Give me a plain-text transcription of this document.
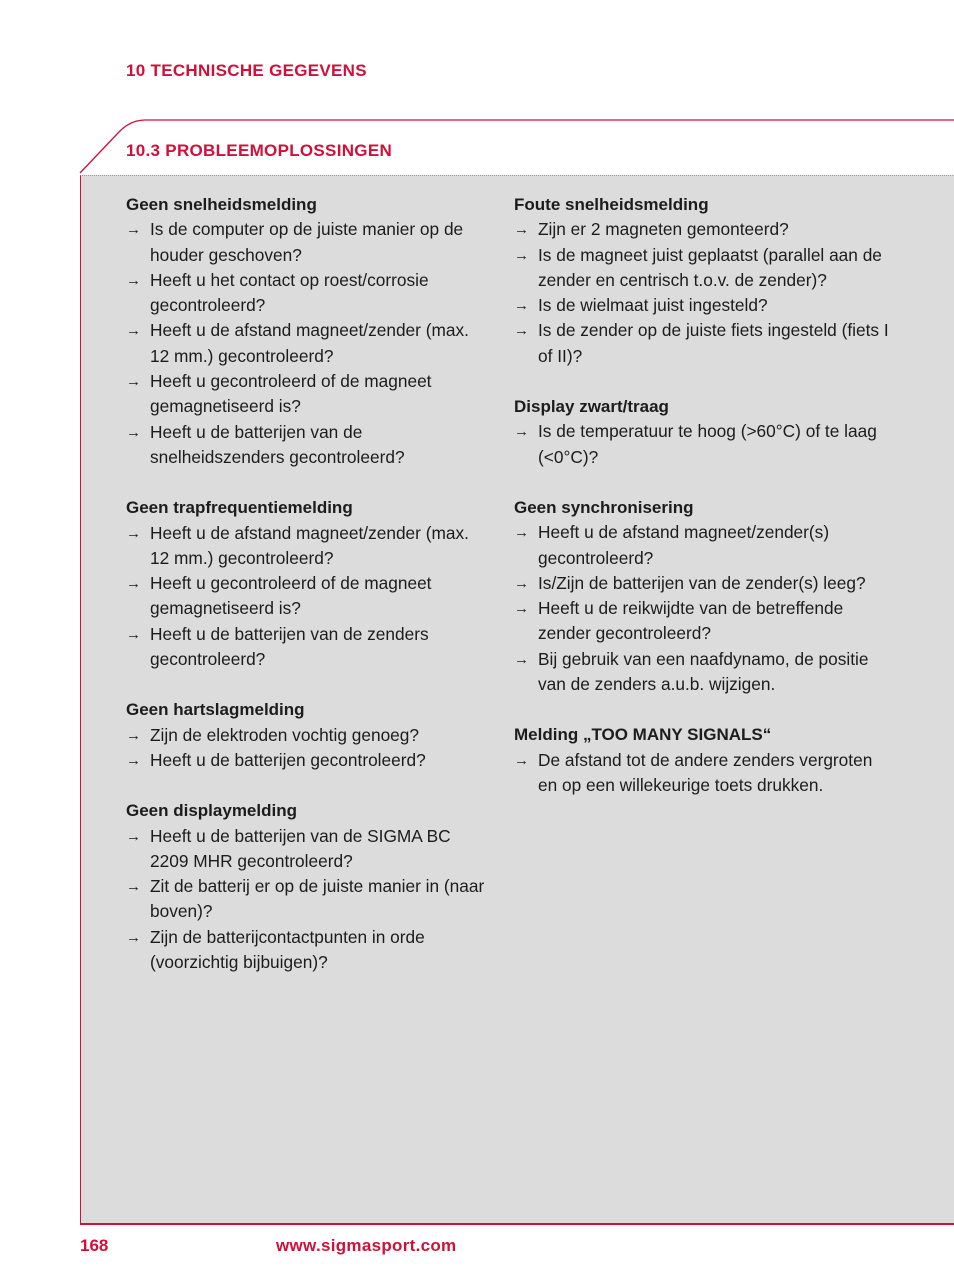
10 TECHNISCHE GEGEVENS
10.3 PROBLEEMOPLOSSINGEN
Geen snelheidsmelding
→ Is de computer op de juiste manier op de houder geschoven?
→ Heeft u het contact op roest/corrosie gecontroleerd?
→ Heeft u de afstand magneet/zender (max. 12 mm.) gecontroleerd?
→ Heeft u gecontroleerd of de magneet gemagnetiseerd is?
→ Heeft u de batterijen van de snelheidszenders gecontroleerd?
Geen trapfrequentiemelding
→ Heeft u de afstand magneet/zender (max. 12 mm.) gecontroleerd?
→ Heeft u gecontroleerd of de magneet gemagnetiseerd is?
→ Heeft u de batterijen van de zenders gecontroleerd?
Geen hartslagmelding
→ Zijn de elektroden vochtig genoeg?
→ Heeft u de batterijen gecontroleerd?
Geen displaymelding
→ Heeft u de batterijen van de SIGMA BC 2209 MHR gecontroleerd?
→ Zit de batterij er op de juiste manier in (naar boven)?
→ Zijn de batterijcontactpunten in orde (voorzichtig bijbuigen)?
Foute snelheidsmelding
→ Zijn er 2 magneten gemonteerd?
→ Is de magneet juist geplaatst (parallel aan de zender en centrisch t.o.v. de zender)?
→ Is de wielmaat juist ingesteld?
→ Is de zender op de juiste fiets ingesteld (fiets I of II)?
Display zwart/traag
→ Is de temperatuur te hoog (>60°C) of te laag (<0°C)?
Geen synchronisering
→ Heeft u de afstand magneet/zender(s) gecontroleerd?
→ Is/Zijn de batterijen van de zender(s) leeg?
→ Heeft u de reikwijdte van de betreffende zender gecontroleerd?
→ Bij gebruik van een naafdynamo, de positie van de zenders a.u.b. wijzigen.
Melding „TOO MANY SIGNALS“
→ De afstand tot de andere zenders vergroten en op een willekeurige toets drukken.
168	www.sigmasport.com
